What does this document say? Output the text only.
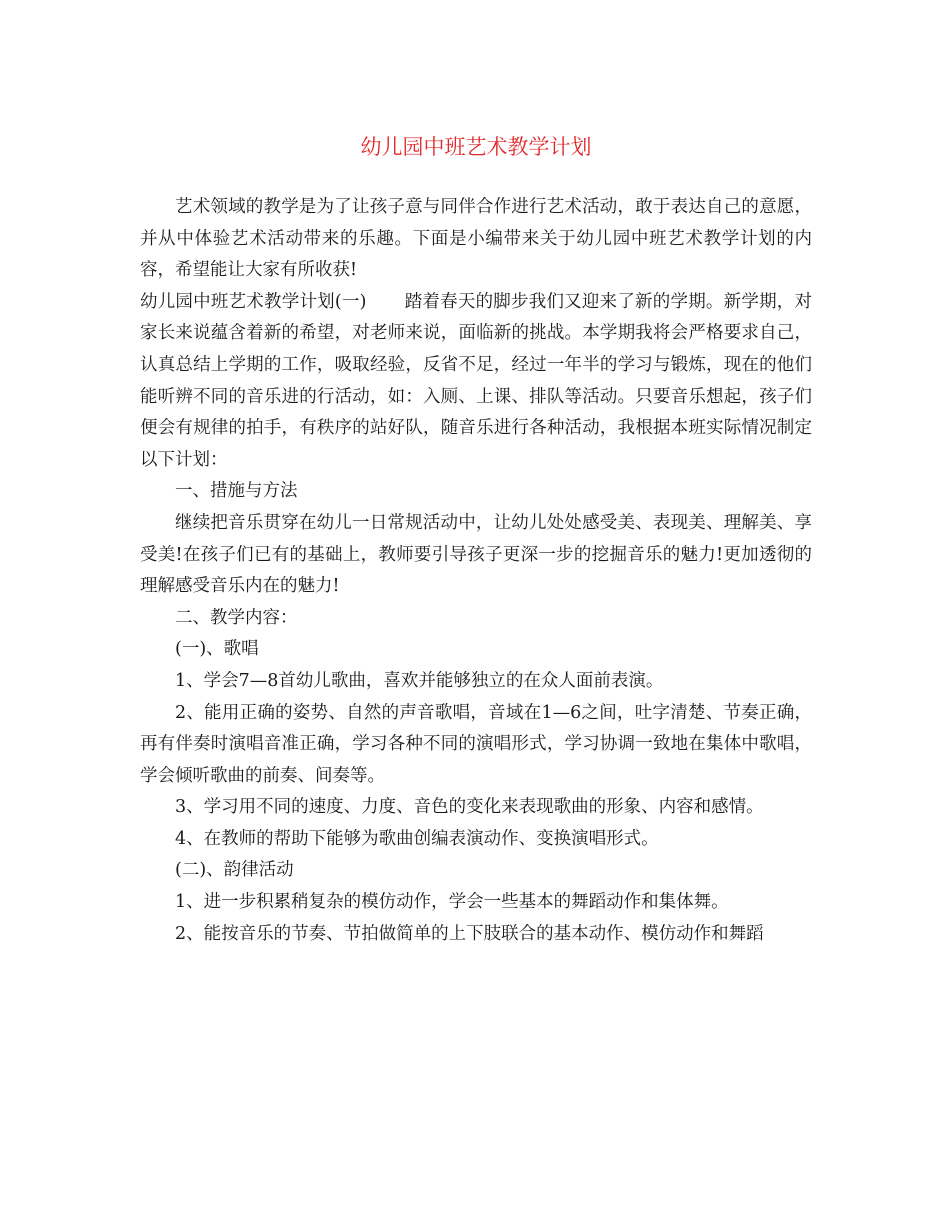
幼儿园中班艺术教学计划

艺术领域的教学是为了让孩子意与同伴合作进行艺术活动，敢于表达自己的意愿，并从中体验艺术活动带来的乐趣。下面是小编带来关于幼儿园中班艺术教学计划的内容，希望能让大家有所收获!

幼儿园中班艺术教学计划(一) 踏着春天的脚步我们又迎来了新的学期。新学期，对家长来说蕴含着新的希望，对老师来说，面临新的挑战。本学期我将会严格要求自己，认真总结上学期的工作，吸取经验，反省不足，经过一年半的学习与锻炼，现在的他们能听辨不同的音乐进的行活动，如：入厕、上课、排队等活动。只要音乐想起，孩子们便会有规律的拍手，有秩序的站好队，随音乐进行各种活动，我根据本班实际情况制定以下计划：

一、措施与方法

继续把音乐贯穿在幼儿一日常规活动中，让幼儿处处感受美、表现美、理解美、享受美!在孩子们已有的基础上，教师要引导孩子更深一步的挖掘音乐的魅力!更加透彻的理解感受音乐内在的魅力!

二、教学内容：

(一)、歌唱

1、学会7—8首幼儿歌曲，喜欢并能够独立的在众人面前表演。

2、能用正确的姿势、自然的声音歌唱，音域在1—6之间，吐字清楚、节奏正确，再有伴奏时演唱音准正确，学习各种不同的演唱形式，学习协调一致地在集体中歌唱，学会倾听歌曲的前奏、间奏等。

3、学习用不同的速度、力度、音色的变化来表现歌曲的形象、内容和感情。

4、在教师的帮助下能够为歌曲创编表演动作、变换演唱形式。

(二)、韵律活动

1、进一步积累稍复杂的模仿动作，学会一些基本的舞蹈动作和集体舞。

2、能按音乐的节奏、节拍做简单的上下肢联合的基本动作、模仿动作和舞蹈
